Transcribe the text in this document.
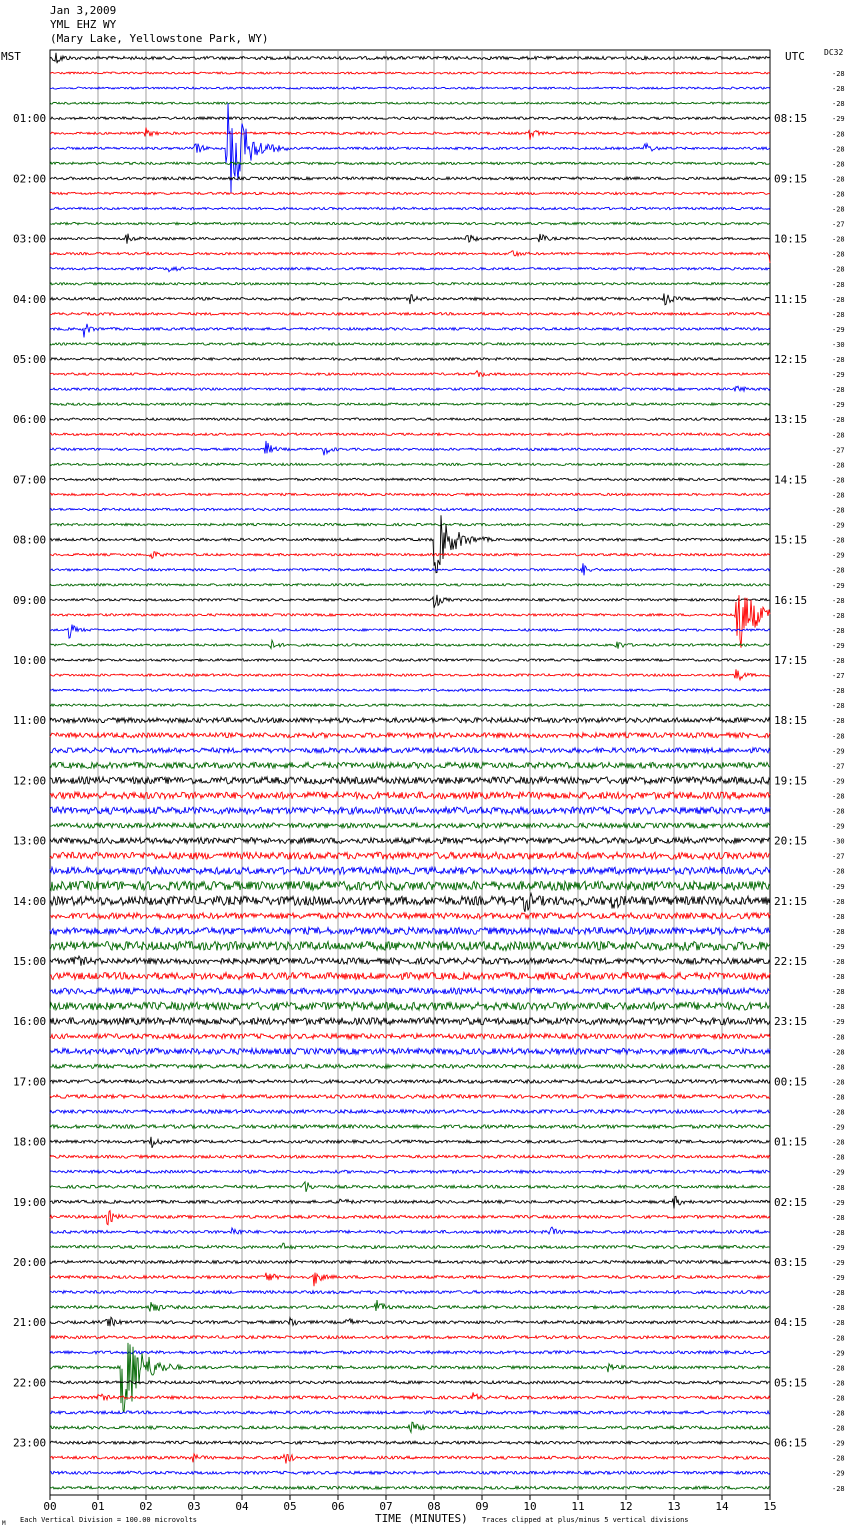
Jan 3,2009
YML EHZ WY
(Mary Lake, Yellowstone Park, WY)
MST	UTC DC32
00	01	02	03	04	05	06	07	08	09	10	11	12	13	14	15
-28
-28
-28
-29
-28
-28
-28
-28
-28
-28
-27
-28
-28
-28
-28
-28
-28
-29
-30
-28
-29
-28
-29
-28
-28
-27
-28
-28
-28
-28
-29
-28
-29
-28
-29
-28
-28
-28
-29
-28
-27
-28
-28
-28
-28
-29
-27
-29
-28
-28
-29
-30
-27
-28
-29
-28
-28
-28
-29
-28
-28
-28
-28
-29
-28
-28
-28
-28
-28
-28
-29
-28
-28
-29
-28
-29
-28
-28
-29
-29
-29
-28
-28
-28
-28
-29
-28
-28
-28
-28
-28
-29
-28
-29
-28
01:00	08:15
02:00	09:15
03:00	10:15
04:00	11:15
05:00	12:15
06:00	13:15
07:00	14:15
08:00	15:15
09:00	16:15
10:00	17:15
11:00	18:15
12:00	19:15
13:00	20:15
14:00	21:15
15:00	22:15
16:00	23:15
17:00	00:15
18:00	01:15
19:00	02:15
20:00	03:15
21:00	04:15
22:00	05:15
23:00	06:15
TIME (MINUTES)
Each Vertical Division = 100.00 microvolts	Traces clipped at plus/minus 5 vertical divisions
M
